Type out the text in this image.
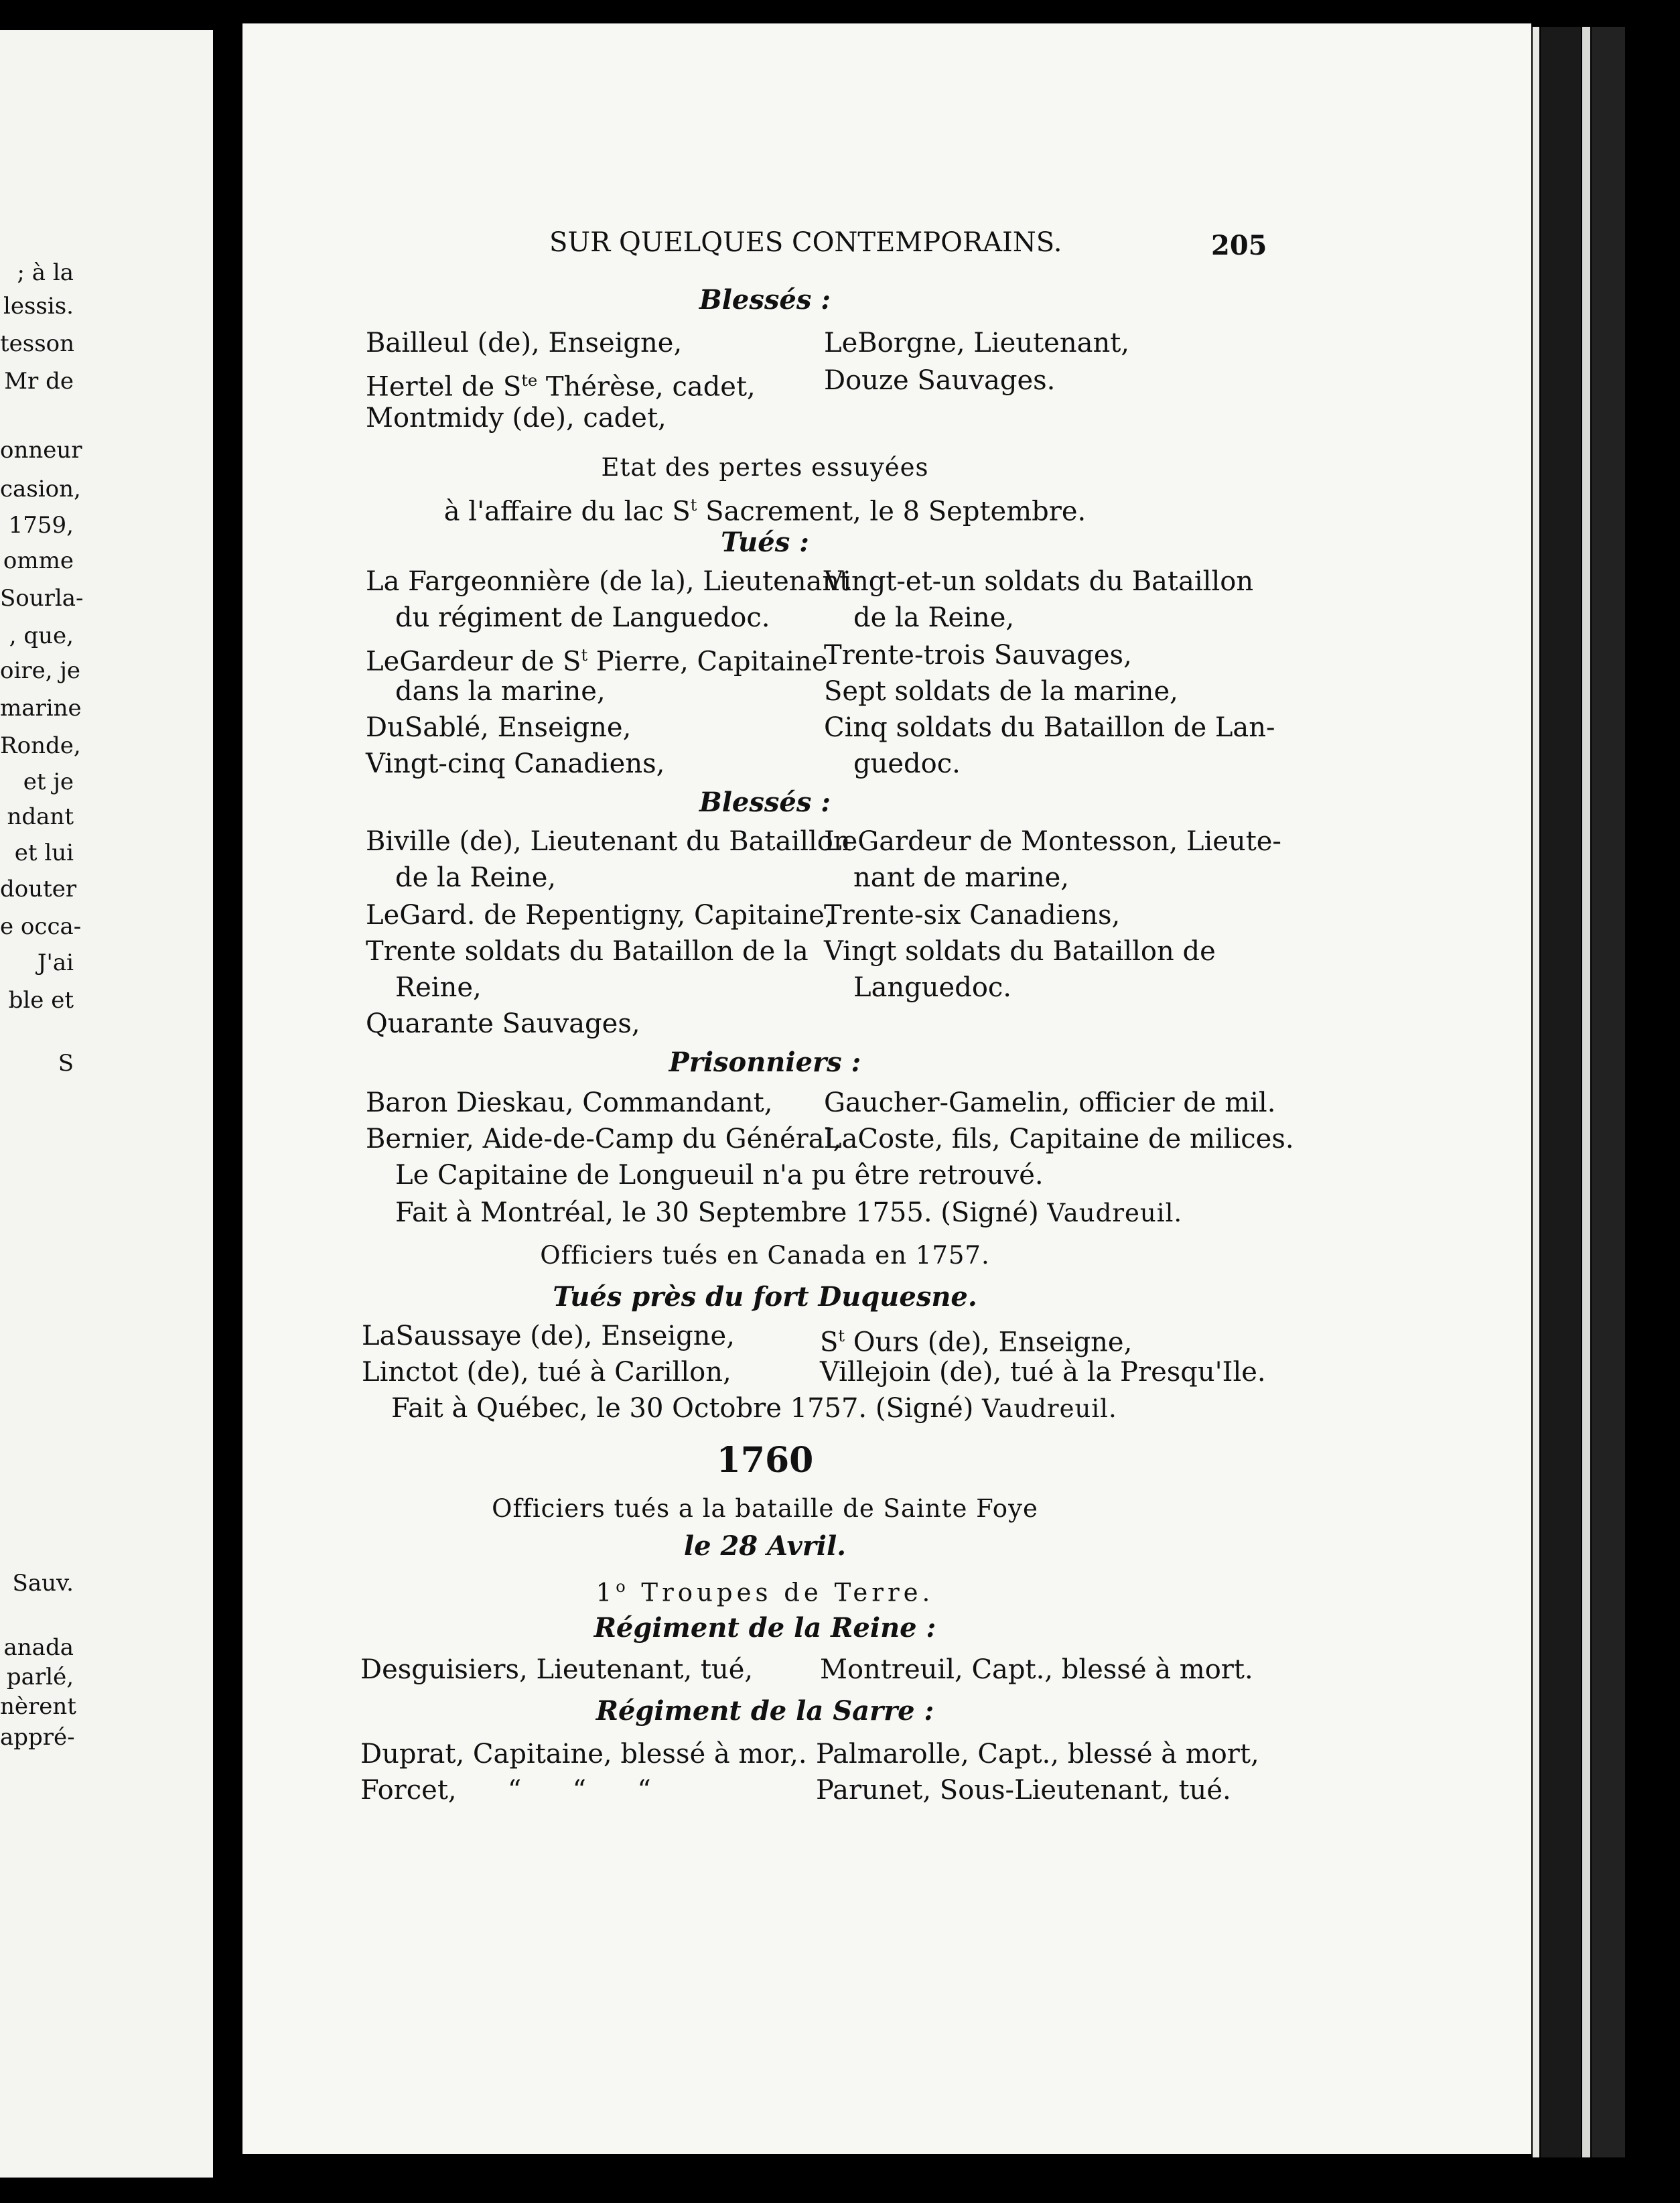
; à la
lessis.
tesson
Mr de
onneur
casion,
1759,
omme
Sourla-
, que,
oire, je
marine
Ronde,
et je
ndant
et lui
douter
e occa-
J'ai
ble et
S
Sauv.
anada
parlé,
nèrent
appré-
SUR QUELQUES CONTEMPORAINS.	205
Blessés :
Bailleul (de), Enseigne,
Hertel de $S^{te}$ Thérèse, cadet,
Montmidy (de), cadet,
LeBorgne, Lieutenant,
Douze Sauvages.
Etat des pertes essuyées
à l'affaire du lac $S^t$ Sacrement, le 8 Septembre.
Tués :
La Fargeonnière (de la), Lieutenant
du régiment de Languedoc.
LeGardeur de $S^t$ Pierre, Capitaine
dans la marine,
DuSablé, Enseigne,
Vingt-cinq Canadiens,
Vingt-et-un soldats du Bataillon
de la Reine,
Trente-trois Sauvages,
Sept soldats de la marine,
Cinq soldats du Bataillon de Lan-
guedoc.
Blessés :
Biville (de), Lieutenant du Bataillon
de la Reine,
LeGard. de Repentigny, Capitaine,
Trente soldats du Bataillon de la
Reine,
Quarante Sauvages,
LeGardeur de Montesson, Lieute-
nant de marine,
Trente-six Canadiens,
Vingt soldats du Bataillon de
Languedoc.
Prisonniers :
Baron Dieskau, Commandant,
Bernier, Aide-de-Camp du Général,
Gaucher-Gamelin, officier de mil.
LaCoste, fils, Capitaine de milices.
Le Capitaine de Longueuil n'a pu être retrouvé.
Fait à Montréal, le 30 Septembre 1755. (Signé) Vaudreuil.
Officiers tués en Canada en 1757.
Tués près du fort Duquesne.
LaSaussaye (de), Enseigne,
Linctot (de), tué à Carillon,
$S^t$ Ours (de), Enseigne,
Villejoin (de), tué à la Presqu'Ile.
Fait à Québec, le 30 Octobre 1757. (Signé) Vaudreuil.
1760
Officiers tués a la bataille de Sainte Foye
le 28 Avril.
1$^o$ Troupes de Terre.
Régiment de la Reine :
Desguisiers, Lieutenant, tué, Montreuil, Capt., blessé à mort.
Régiment de la Sarre :
Duprat, Capitaine, blessé à mor,.
Forcet,      “      “      “
Palmarolle, Capt., blessé à mort,
Parunet, Sous-Lieutenant, tué.
